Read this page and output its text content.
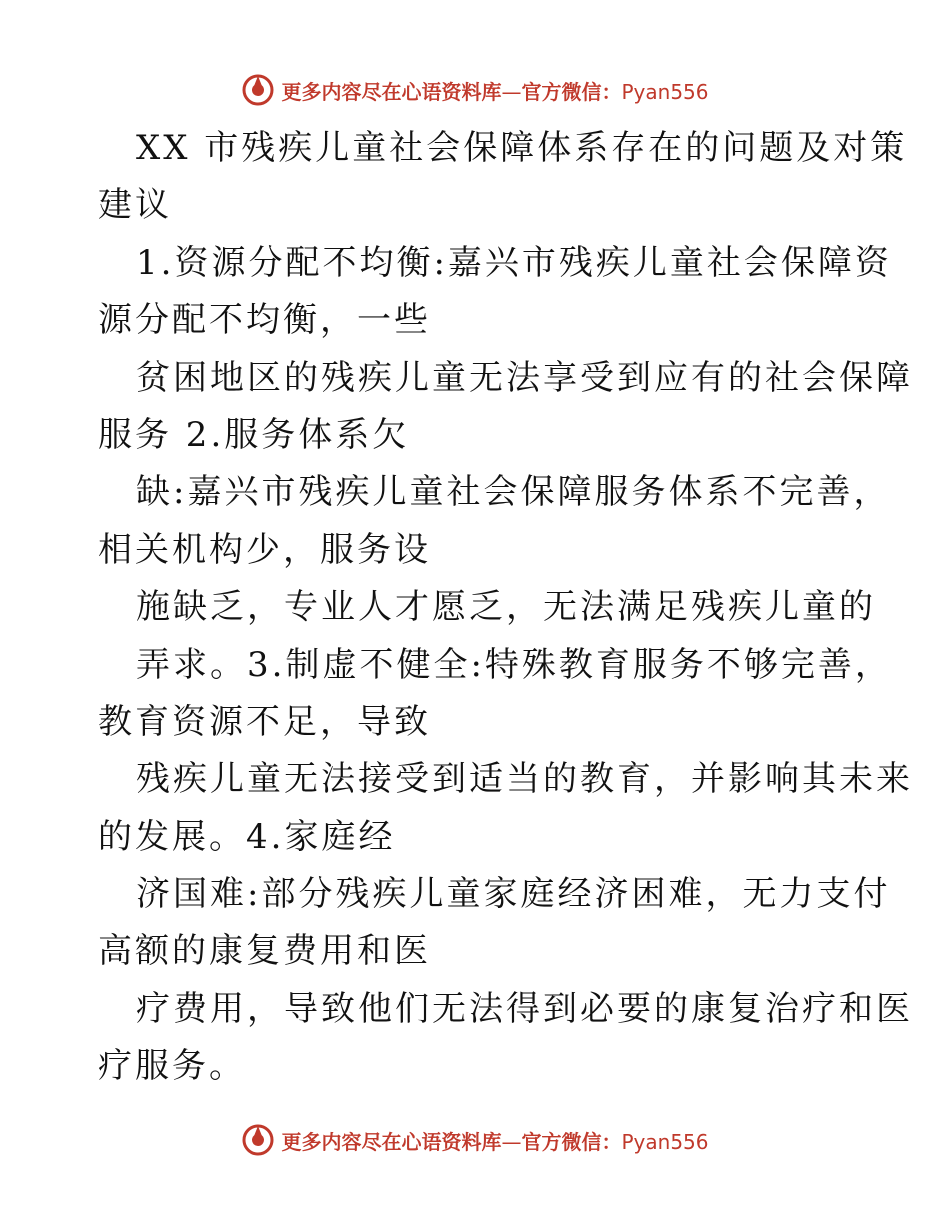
更多内容尽在心语资料库—官方微信：Pyan556
XX 市残疾儿童社会保障体系存在的问题及对策
建议
1.资源分配不均衡:嘉兴市残疾儿童社会保障资
源分配不均衡，一些
贫困地区的残疾儿童无法享受到应有的社会保障
服务 2.服务体系欠
缺:嘉兴市残疾儿童社会保障服务体系不完善，
相关机构少，服务设
施缺乏，专业人才愿乏，无法满足残疾儿童的
弄求。3.制虚不健全:特殊教育服务不够完善，
教育资源不足，导致
残疾儿童无法接受到适当的教育，并影响其未来
的发展。4.家庭经
济国难:部分残疾儿童家庭经济困难，无力支付
高额的康复费用和医
疗费用，导致他们无法得到必要的康复治疗和医
疗服务。
更多内容尽在心语资料库—官方微信：Pyan556
